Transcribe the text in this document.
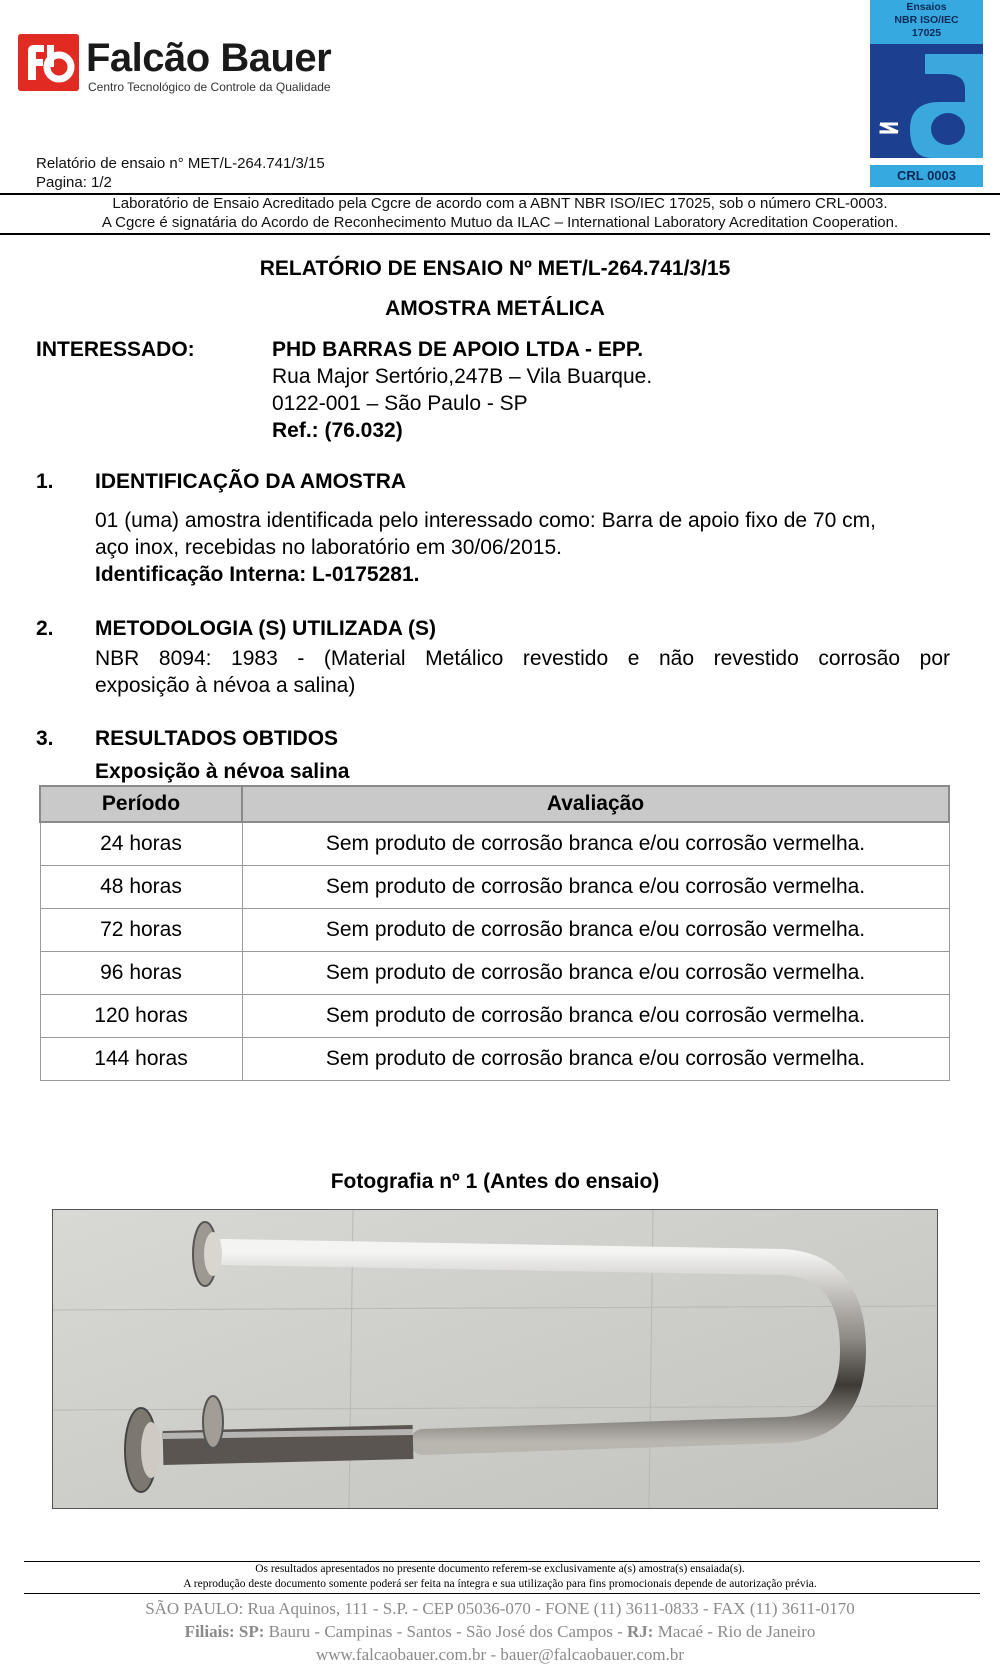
Falcão Bauer
Centro Tecnológico de Controle da Qualidade
Ensaios
NBR ISO/IEC
17025
I
CRL 0003
Relatório de ensaio n° MET/L-264.741/3/15
Pagina: 1/2
Laboratório de Ensaio Acreditado pela Cgcre de acordo com a ABNT NBR ISO/IEC 17025, sob o número CRL-0003.
A Cgcre é signatária do Acordo de Reconhecimento Mutuo da ILAC – International Laboratory Acreditation Cooperation.
RELATÓRIO DE ENSAIO Nº MET/L-264.741/3/15
AMOSTRA METÁLICA
INTERESSADO:	PHD BARRAS DE APOIO LTDA - EPP.
Rua Major Sertório,247B – Vila Buarque.
0122-001 – São Paulo - SP
Ref.: (76.032)
1. IDENTIFICAÇÃO DA AMOSTRA
01 (uma) amostra identificada pelo interessado como: Barra de apoio fixo de 70 cm,
aço inox, recebidas no laboratório em 30/06/2015.
Identificação Interna: L-0175281.
2. METODOLOGIA (S) UTILIZADA (S)
NBR 8094: 1983 - (Material Metálico revestido e não revestido corrosão por
exposição à névoa a salina)
3. RESULTADOS OBTIDOS
Exposição à névoa salina
Período	Avaliação
24 horas	Sem produto de corrosão branca e/ou corrosão vermelha.
48 horas	Sem produto de corrosão branca e/ou corrosão vermelha.
72 horas	Sem produto de corrosão branca e/ou corrosão vermelha.
96 horas	Sem produto de corrosão branca e/ou corrosão vermelha.
120 horas	Sem produto de corrosão branca e/ou corrosão vermelha.
144 horas	Sem produto de corrosão branca e/ou corrosão vermelha.
Fotografia nº 1 (Antes do ensaio)
Os resultados apresentados no presente documento referem-se exclusivamente a(s) amostra(s) ensaiada(s).
A reprodução deste documento somente poderá ser feita na íntegra e sua utilização para fins promocionais depende de autorização prévia.
SÃO PAULO: Rua Aquinos, 111 - S.P. - CEP 05036-070 - FONE (11) 3611-0833 - FAX (11) 3611-0170
Filiais: SP: Bauru - Campinas - Santos - São José dos Campos - RJ: Macaé - Rio de Janeiro
www.falcaobauer.com.br - bauer@falcaobauer.com.br
